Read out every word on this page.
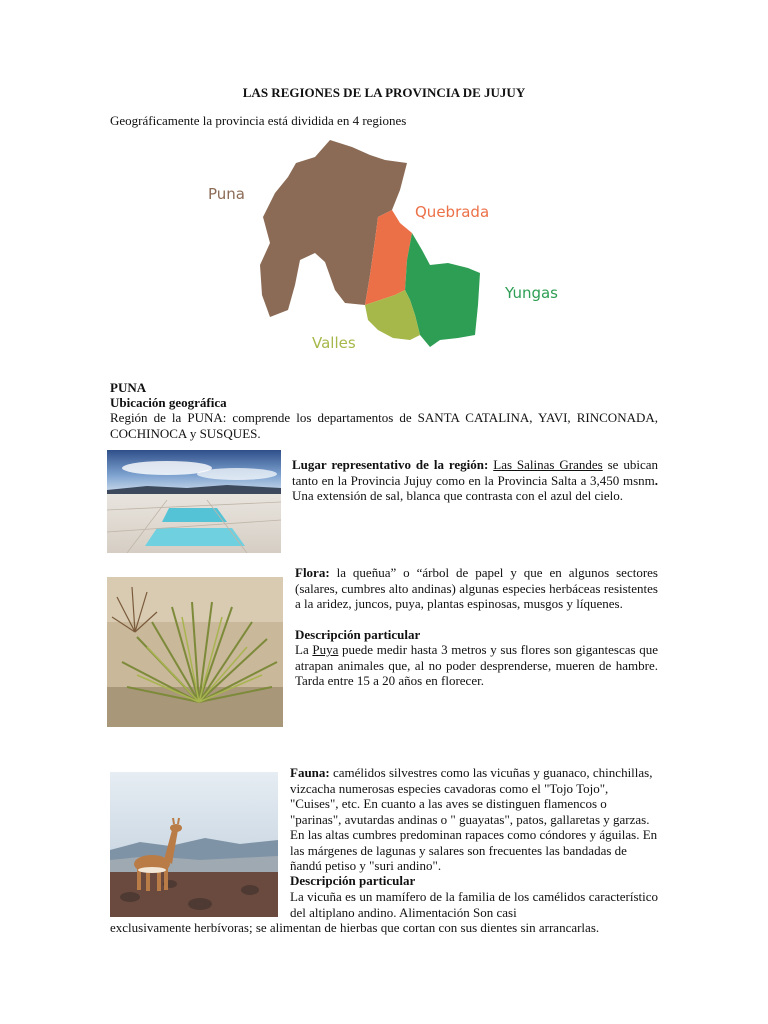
LAS REGIONES DE LA PROVINCIA DE JUJUY
Geográficamente la provincia está dividida en 4 regiones
Puna
Quebrada
Yungas
Valles
PUNA
Ubicación geográfica
Región de la PUNA: comprende los departamentos de SANTA CATALINA, YAVI, RINCONADA, COCHINOCA y SUSQUES.
Lugar representativo de la región: Las Salinas Grandes se ubican tanto en la Provincia Jujuy como en la Provincia Salta a 3,450 msnm. Una extensión de sal, blanca que contrasta con el azul del cielo.
Flora: la queñua” o “árbol de papel y que en algunos sectores (salares, cumbres alto andinas) algunas especies herbáceas resistentes a la aridez, juncos, puya, plantas espinosas, musgos y líquenes.
Descripción particular
La Puya puede medir hasta 3 metros y sus flores son gigantescas que atrapan animales que, al no poder desprenderse, mueren de hambre. Tarda entre 15 a 20 años en florecer.
Fauna: camélidos silvestres como las vicuñas y guanaco, chinchillas, vizcacha numerosas especies cavadoras como el "Tojo Tojo", "Cuises", etc. En cuanto a las aves se distinguen flamencos o "parinas", avutardas andinas o " guayatas", patos, gallaretas y garzas. En las altas cumbres predominan rapaces como cóndores y águilas. En las márgenes de lagunas y salares son frecuentes las bandadas de ñandú petiso y "suri andino".
Descripción particular
La vicuña es un mamífero de la familia de los camélidos característico del altiplano andino. Alimentación Son casi
exclusivamente herbívoras; se alimentan de hierbas que cortan con sus dientes sin arrancarlas.
